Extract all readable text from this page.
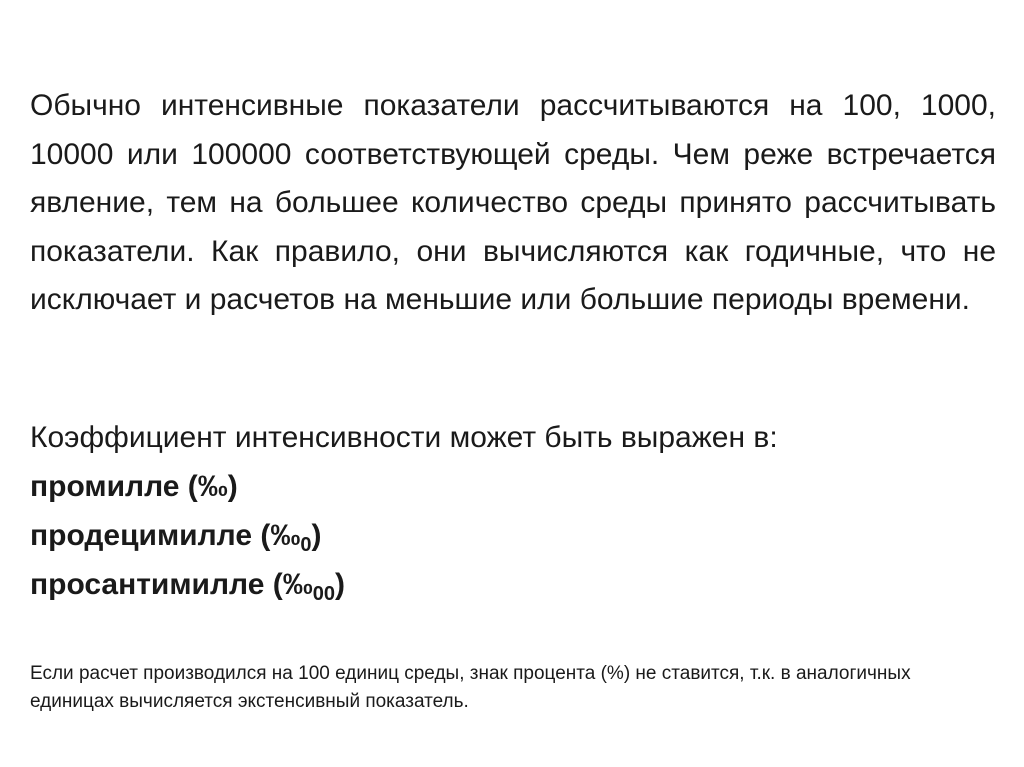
Обычно интенсивные показатели рассчитываются на 100, 1000, 10000 или 100000 соответствующей среды. Чем реже встречается явление, тем на большее количество среды принято рассчитывать показатели. Как правило, они вычисляются как годичные, что не исключает и расчетов на меньшие или большие периоды времени.
Коэффициент интенсивности может быть выражен в:
промилле (‰)
продецимилле $(‰_0)$
просантимилле $(‰_{00})$
Если расчет производился на 100 единиц среды, знак процента (%) не ставится, т.к. в аналогичных единицах вычисляется экстенсивный показатель.
